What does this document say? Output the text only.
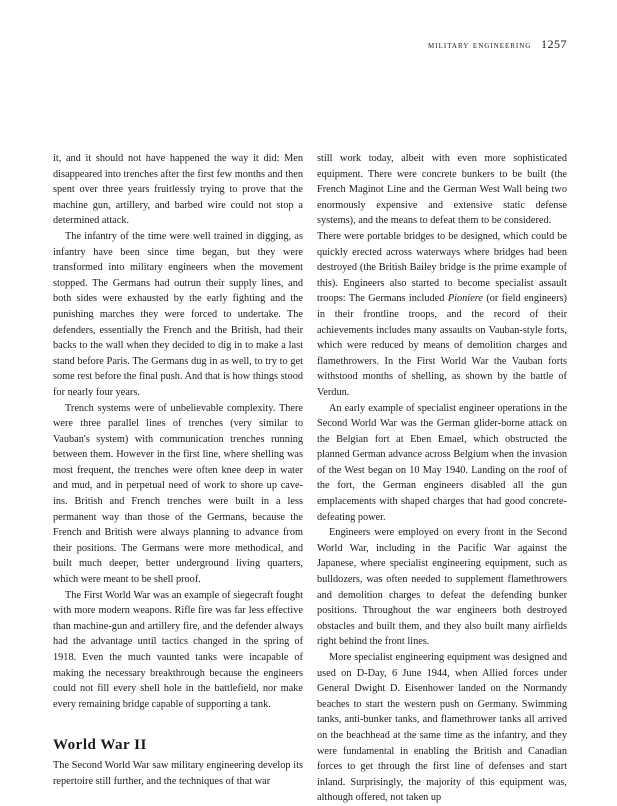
military engineering 1257

it, and it should not have happened the way it did: Men disappeared into trenches after the first few months and then spent over three years fruitlessly trying to prove that the machine gun, artillery, and barbed wire could not stop a determined attack.

The infantry of the time were well trained in digging, as infantry have been since time began, but they were transformed into military engineers when the movement stopped. The Germans had outrun their supply lines, and both sides were exhausted by the early fighting and the punishing marches they were forced to undertake. The defenders, essentially the French and the British, had their backs to the wall when they decided to dig in to make a last stand before Paris. The Germans dug in as well, to try to get some rest before the final push. And that is how things stood for nearly four years.

Trench systems were of unbelievable complexity. There were three parallel lines of trenches (very similar to Vauban's system) with communication trenches running between them. However in the first line, where shelling was most frequent, the trenches were often knee deep in water and mud, and in perpetual need of work to shore up cave-ins. British and French trenches were built in a less permanent way than those of the Germans, because the French and British were always planning to advance from their positions. The Germans were more methodical, and built much deeper, better underground living quarters, which were meant to be shell proof.

The First World War was an example of siegecraft fought with more modern weapons. Rifle fire was far less effective than machine-gun and artillery fire, and the defender always had the advantage until tactics changed in the spring of 1918. Even the much vaunted tanks were incapable of making the necessary breakthrough because the engineers could not fill every shell hole in the battlefield, nor make every remaining bridge capable of supporting a tank.

World War II

The Second World War saw military engineering develop its repertoire still further, and the techniques of that war

still work today, albeit with even more sophisticated equipment. There were concrete bunkers to be built (the French Maginot Line and the German West Wall being two enormously expensive and extensive static defense systems), and the means to defeat them to be considered.

There were portable bridges to be designed, which could be quickly erected across waterways where bridges had been destroyed (the British Bailey bridge is the prime example of this). Engineers also started to become specialist assault troops: The Germans included Pioniere (or field engineers) in their frontline troops, and the record of their achievements includes many assaults on Vauban-style forts, which were reduced by means of demolition charges and flamethrowers. In the First World War the Vauban forts withstood months of shelling, as shown by the battle of Verdun.

An early example of specialist engineer operations in the Second World War was the German glider-borne attack on the Belgian fort at Eben Emael, which obstructed the planned German advance across Belgium when the invasion of the West began on 10 May 1940. Landing on the roof of the fort, the German engineers disabled all the gun emplacements with shaped charges that had good concrete-defeating power.

Engineers were employed on every front in the Second World War, including in the Pacific War against the Japanese, where specialist engineering equipment, such as bulldozers, was often needed to supplement flamethrowers and demolition charges to defeat the defending bunker positions. Throughout the war engineers both destroyed obstacles and built them, and they also built many airfields right behind the front lines.

More specialist engineering equipment was designed and used on D-Day, 6 June 1944, when Allied forces under General Dwight D. Eisenhower landed on the Normandy beaches to start the western push on Germany. Swimming tanks, anti-bunker tanks, and flamethrower tanks all arrived on the beachhead at the same time as the infantry, and they were fundamental in enabling the British and Canadian forces to get through the first line of defenses and start inland. Surprisingly, the majority of this equipment was, although offered, not taken up
